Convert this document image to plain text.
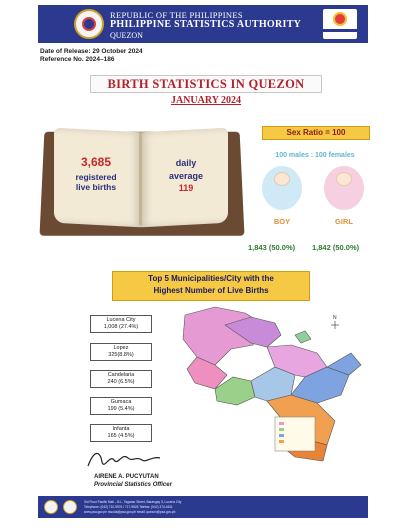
REPUBLIC OF THE PHILIPPINES
PHILIPPINE STATISTICS AUTHORITY
QUEZON
Date of Release: 29 October 2024
Reference No. 2024–186
BIRTH STATISTICS IN QUEZON
JANUARY 2024
3,685
registered
live births
daily
average
119
Sex Ratio = 100
100 males : 100 females
BOY	GIRL
1,843 (50.0%) 1,842 (50.0%)
Top 5 Municipalities/City with the
Highest Number of Live Births
N
Lucena City
1,008 (27.4%)
Lopez
325(8.8%)
Candelaria
240 (6.5%)
Gumaca
199 (5.4%)
Infanta
165 (4.5%)
AIRENE A. PUCYUTAN
Provincial Statistics Officer
3rd Floor Pacific Mall – B.L. Tagarao Street, Barangay 3, Lucena City
Telephone: (042) 710-9576 / 717-9626 Telefax: (042) 374-4611
www.psa.gov.ph rsso4a@psa.gov.ph email: quezon@psa.gov.ph
